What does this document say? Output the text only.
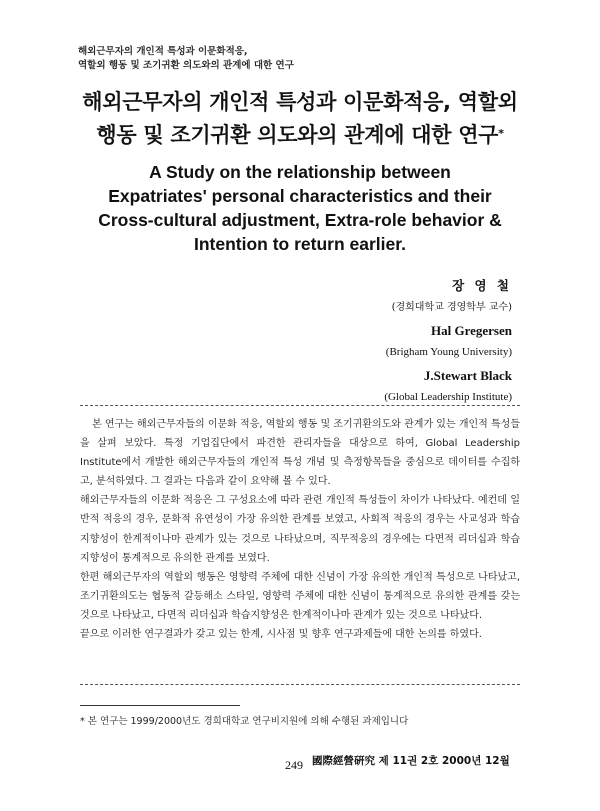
해외근무자의 개인적 특성과 이문화적응,
역할외 행동 및 조기귀환 의도와의 관계에 대한 연구
해외근무자의 개인적 특성과 이문화적응, 역할외
행동 및 조기귀환 의도와의 관계에 대한 연구*
A Study on the relationship between
Expatriates' personal characteristics and their
Cross-cultural adjustment, Extra-role behavior &
Intention to return earlier.
장 영 철
(경희대학교 경영학부 교수)
Hal Gregersen
(Brigham Young University)
J.Stewart Black
(Global Leadership Institute)

본 연구는 해외근무자들의 이문화 적응, 역할외 행동 및 조기귀환의도와 관계가 있는 개인적 특성들을 살펴 보았다. 특정 기업집단에서 파견한 관리자들을 대상으로 하여, Global Leadership Institute에서 개발한 해외근무자들의 개인적 특성 개념 및 측정항목들을 중심으로 데이터를 수집하고, 분석하였다. 그 결과는 다음과 같이 요약해 볼 수 있다.

해외근무자들의 이문화 적응은 그 구성요소에 따라 관련 개인적 특성들이 차이가 나타났다. 예컨데 일반적 적응의 경우, 문화적 유연성이 가장 유의한 관계를 보였고, 사회적 적응의 경우는 사교성과 학습지향성이 한계적이나마 관계가 있는 것으로 나타났으며, 직무적응의 경우에는 다면적 리더십과 학습지향성이 통계적으로 유의한 관계를 보였다.

한편 해외근무자의 역할외 행동은 영향력 주체에 대한 신념이 가장 유의한 개인적 특성으로 나타났고, 조기귀환의도는 협동적 갈등해소 스타일, 영향력 주체에 대한 신념이 통계적으로 유의한 관계를 갖는 것으로 나타났고, 다면적 리더십과 학습지향성은 한계적이나마 관계가 있는 것으로 나타났다.

끝으로 이러한 연구결과가 갖고 있는 한계, 시사점 및 향후 연구과제들에 대한 논의를 하였다.

* 본 연구는 1999/2000년도 경희대학교 연구비지원에 의해 수행된 과제입니다
249 國際經營硏究 제 11권 2호 2000년 12월
